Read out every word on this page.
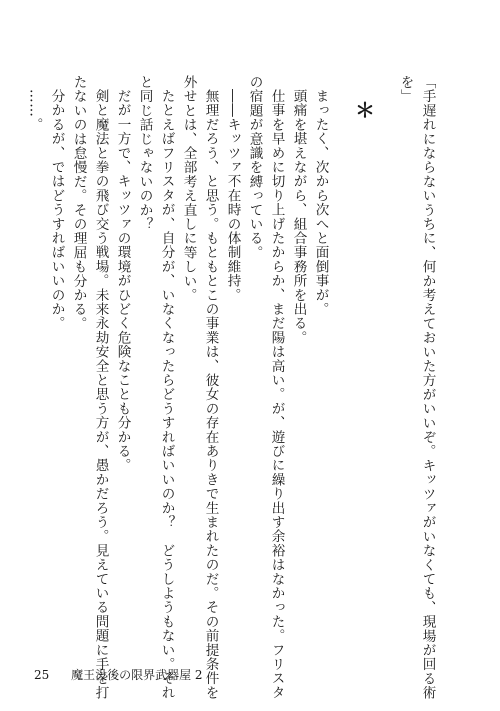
「手遅れにならないうちに、何か考えておいた方がいいぞ。キッツァがいなくても、現場が回る術
を」
＊
まったく、次から次へと面倒事が。
頭痛を堪えながら、組合事務所を出る。
仕事を早めに切り上げたからか、まだ陽は高い。が、遊びに繰り出す余裕はなかった。フリスタ
の宿題が意識を縛っている。
――キッツァ不在時の体制維持。
無理だろう、と思う。もともとこの事業は、彼女の存在ありきで生まれたのだ。その前提条件を
外せとは、全部考え直しに等しい。
たとえばフリスタが、自分が、いなくなったらどうすればいいのか？　どうしようもない。それ
と同じ話じゃないのか？
だが一方で、キッツァの環境がひどく危険なことも分かる。
剣と魔法と拳の飛び交う戦場。未来永劫安全と思う方が、愚かだろう。見えている問題に手を打
たないのは怠慢だ。その理屈も分かる。
分かるが、ではどうすればいいのか。
……。
25 魔王没後の限界武器屋 2
